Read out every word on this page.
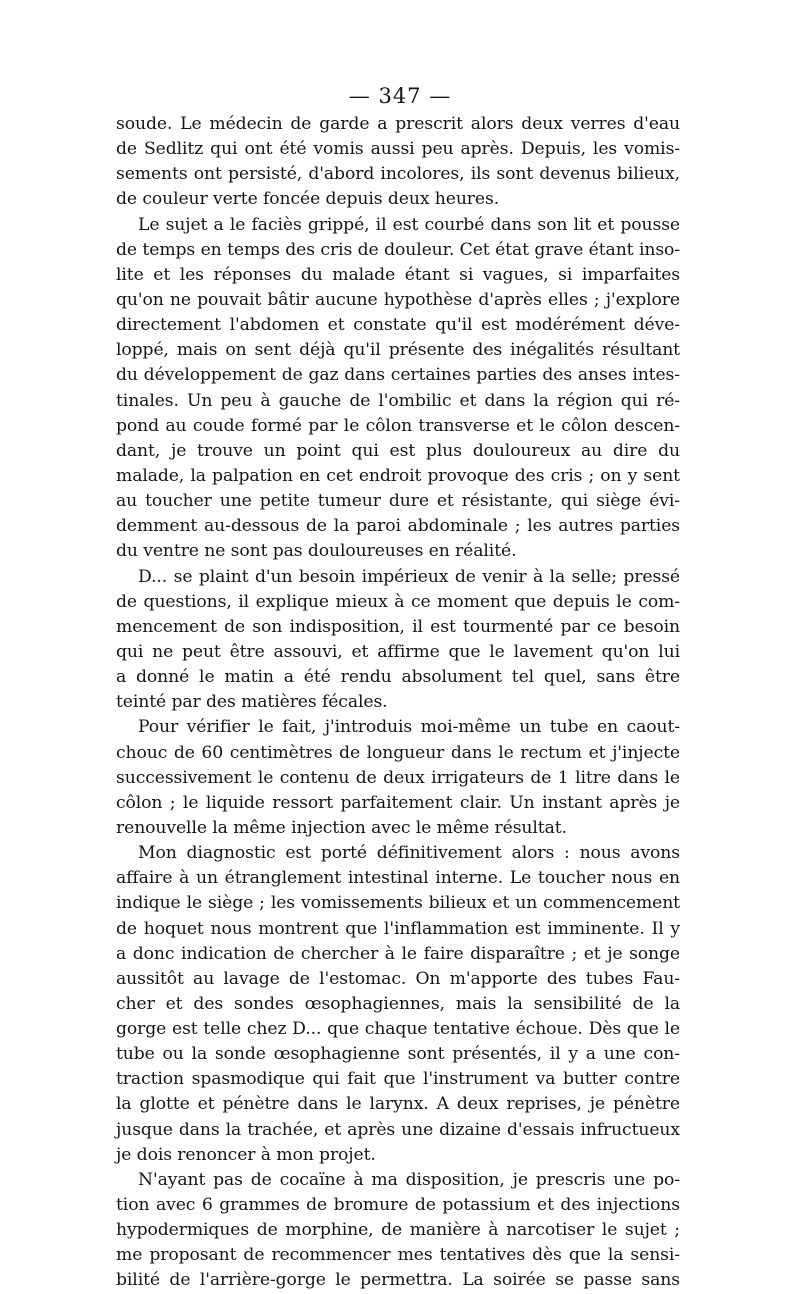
— 347 —
soude. Le médecin de garde a prescrit alors deux verres d'eau
de Sedlitz qui ont été vomis aussi peu après. Depuis, les vomis-
sements ont persisté, d'abord incolores, ils sont devenus bilieux,
de couleur verte foncée depuis deux heures.
Le sujet a le faciès grippé, il est courbé dans son lit et pousse
de temps en temps des cris de douleur. Cet état grave étant inso-
lite et les réponses du malade étant si vagues, si imparfaites
qu'on ne pouvait bâtir aucune hypothèse d'après elles ; j'explore
directement l'abdomen et constate qu'il est modérément déve-
loppé, mais on sent déjà qu'il présente des inégalités résultant
du développement de gaz dans certaines parties des anses intes-
tinales. Un peu à gauche de l'ombilic et dans la région qui ré-
pond au coude formé par le côlon transverse et le côlon descen-
dant, je trouve un point qui est plus douloureux au dire du
malade, la palpation en cet endroit provoque des cris ; on y sent
au toucher une petite tumeur dure et résistante, qui siège évi-
demment au-dessous de la paroi abdominale ; les autres parties
du ventre ne sont pas douloureuses en réalité.
D... se plaint d'un besoin impérieux de venir à la selle; pressé
de questions, il explique mieux à ce moment que depuis le com-
mencement de son indisposition, il est tourmenté par ce besoin
qui ne peut être assouvi, et affirme que le lavement qu'on lui
a donné le matin a été rendu absolument tel quel, sans être
teinté par des matières fécales.
Pour vérifier le fait, j'introduis moi-même un tube en caout-
chouc de 60 centimètres de longueur dans le rectum et j'injecte
successivement le contenu de deux irrigateurs de 1 litre dans le
côlon ; le liquide ressort parfaitement clair. Un instant après je
renouvelle la même injection avec le même résultat.
Mon diagnostic est porté définitivement alors : nous avons
affaire à un étranglement intestinal interne. Le toucher nous en
indique le siège ; les vomissements bilieux et un commencement
de hoquet nous montrent que l'inflammation est imminente. Il y
a donc indication de chercher à le faire disparaître ; et je songe
aussitôt au lavage de l'estomac. On m'apporte des tubes Fau-
cher et des sondes œsophagiennes, mais la sensibilité de la
gorge est telle chez D... que chaque tentative échoue. Dès que le
tube ou la sonde œsophagienne sont présentés, il y a une con-
traction spasmodique qui fait que l'instrument va butter contre
la glotte et pénètre dans le larynx. A deux reprises, je pénètre
jusque dans la trachée, et après une dizaine d'essais infructueux
je dois renoncer à mon projet.
N'ayant pas de cocaïne à ma disposition, je prescris une po-
tion avec 6 grammes de bromure de potassium et des injections
hypodermiques de morphine, de manière à narcotiser le sujet ;
me proposant de recommencer mes tentatives dès que la sensi-
bilité de l'arrière-gorge le permettra. La soirée se passe sans
